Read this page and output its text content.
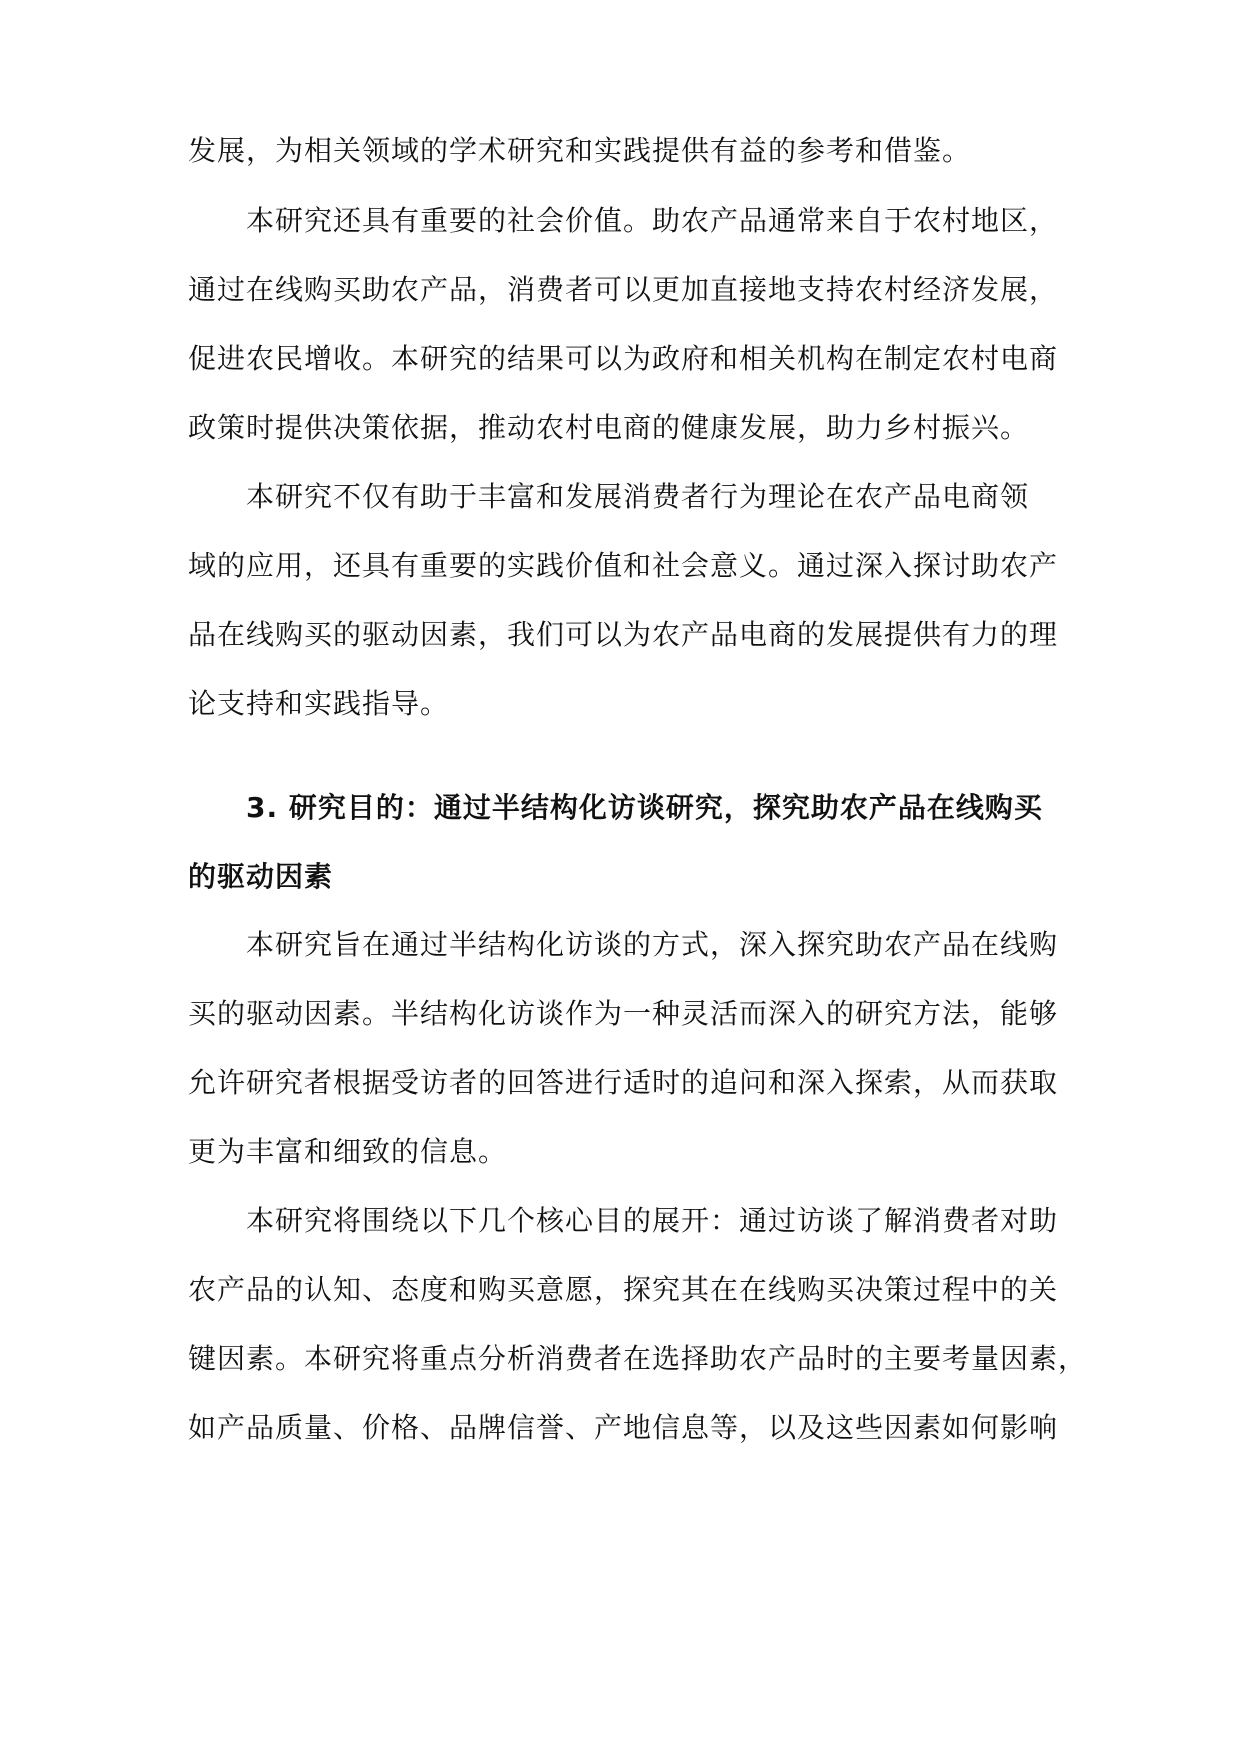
发展，为相关领域的学术研究和实践提供有益的参考和借鉴。
本研究还具有重要的社会价值。助农产品通常来自于农村地区，
通过在线购买助农产品，消费者可以更加直接地支持农村经济发展，
促进农民增收。本研究的结果可以为政府和相关机构在制定农村电商
政策时提供决策依据，推动农村电商的健康发展，助力乡村振兴。
本研究不仅有助于丰富和发展消费者行为理论在农产品电商领
域的应用，还具有重要的实践价值和社会意义。通过深入探讨助农产
品在线购买的驱动因素，我们可以为农产品电商的发展提供有力的理
论支持和实践指导。
3. 研究目的：通过半结构化访谈研究，探究助农产品在线购买
的驱动因素
本研究旨在通过半结构化访谈的方式，深入探究助农产品在线购
买的驱动因素。半结构化访谈作为一种灵活而深入的研究方法，能够
允许研究者根据受访者的回答进行适时的追问和深入探索，从而获取
更为丰富和细致的信息。
本研究将围绕以下几个核心目的展开：通过访谈了解消费者对助
农产品的认知、态度和购买意愿，探究其在在线购买决策过程中的关
键因素。本研究将重点分析消费者在选择助农产品时的主要考量因素，
如产品质量、价格、品牌信誉、产地信息等，以及这些因素如何影响
